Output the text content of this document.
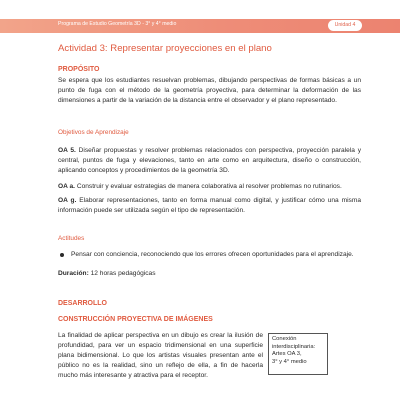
Programa de Estudio Geometría 3D - 3° y 4° medio	Unidad 4
Actividad 3: Representar proyecciones en el plano
PROPÓSITO

Se espera que los estudiantes resuelvan problemas, dibujando perspectivas de formas básicas a un punto de fuga con el método de la geometría proyectiva, para determinar la deformación de las dimensiones a partir de la variación de la distancia entre el observador y el plano representado.

Objetivos de Aprendizaje

OA 5. Diseñar propuestas y resolver problemas relacionados con perspectiva, proyección paralela y central, puntos de fuga y elevaciones, tanto en arte como en arquitectura, diseño o construcción, aplicando conceptos y procedimientos de la geometría 3D.

OA a. Construir y evaluar estrategias de manera colaborativa al resolver problemas no rutinarios.

OA g. Elaborar representaciones, tanto en forma manual como digital, y justificar cómo una misma información puede ser utilizada según el tipo de representación.

Actitudes
Pensar con conciencia, reconociendo que los errores ofrecen oportunidades para el aprendizaje.
Duración: 12 horas pedagógicas
DESARROLLO
CONSTRUCCIÓN PROYECTIVA DE IMÁGENES

La finalidad de aplicar perspectiva en un dibujo es crear la ilusión de profundidad, para ver un espacio tridimensional en una superficie plana bidimensional. Lo que los artistas visuales presentan ante el público no es la realidad, sino un reflejo de ella, a fin de hacerla mucho más interesante y atractiva para el receptor.

Conexión
interdisciplinaria:
Artes OA 3,
3° y 4° medio
